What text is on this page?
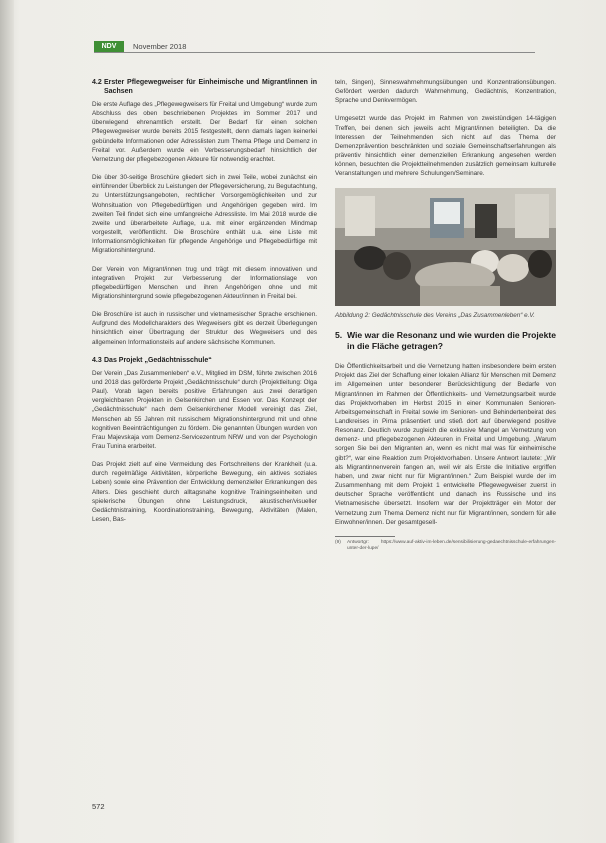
NDV	November 2018
4.2 Erster Pflegewegweiser für Einheimische und Migrant/innen in Sachsen

Die erste Auflage des „Pflegewegweisers für Freital und Umgebung“ wurde zum Abschluss des oben beschriebenen Projektes im Sommer 2017 und überwiegend ehrenamtlich erstellt. Der Bedarf für einen solchen Pflegewegweiser wurde bereits 2015 festgestellt, denn damals lagen keinerlei gebündelte Informationen oder Adresslisten zum Thema Pflege und Demenz in Freital vor. Außerdem wurde ein Verbesserungsbedarf hinsichtlich der Vernetzung der pflegebezogenen Akteure für notwendig erachtet.

Die über 30-seitige Broschüre gliedert sich in zwei Teile, wobei zunächst ein einführender Überblick zu Leistungen der Pflegeversicherung, zu Begutachtung, zu Unterstützungsangeboten, rechtlicher Vorsorgemöglichkeiten und zur Wohnsituation von Pflegebedürftigen und Angehörigen gegeben wird. Im zweiten Teil findet sich eine umfangreiche Adressliste. Im Mai 2018 wurde die zweite und überarbeitete Auflage, u.a. mit einer ergänzenden Mindmap vorgestellt, veröffentlicht. Die Broschüre enthält u.a. eine Liste mit Informationsmöglichkeiten für pflegende Angehörige und Pflegebedürftige mit Migrationshintergrund.

Der Verein von Migrant/innen trug und trägt mit diesem innovativen und integrativen Projekt zur Verbesserung der Informationslage von pflegebedürftigen Menschen und ihren Angehörigen ohne und mit Migrationshintergrund sowie pflegebezogenen Akteur/innen in Freital bei.

Die Broschüre ist auch in russischer und vietnamesischer Sprache erschienen. Aufgrund des Modellcharakters des Wegweisers gibt es derzeit Überlegungen hinsichtlich einer Übertragung der Struktur des Wegweisers und des allgemeinen Informationsteils auf andere sächsische Kommunen.

4.3 Das Projekt „Gedächtnisschule“

Der Verein „Das Zusammenleben“ e.V., Mitglied im DSM, führte zwischen 2016 und 2018 das geförderte Projekt „Gedächtnisschule“ durch (Projektleitung: Olga Paul). Vorab lagen bereits positive Erfahrungen aus zwei derartigen vergleichbaren Projekten in Gelsenkirchen und Essen vor. Das Konzept der „Gedächtnisschule“ nach dem Gelsenkirchener Modell vereinigt das Ziel, Menschen ab 55 Jahren mit russischem Migrationshintergrund mit und ohne kognitiven Beeinträchtigungen zu fördern. Die genannten Übungen wurden von Frau Majevskaja vom Demenz-Servicezentrum NRW und von der Psychologin Frau Tunina erarbeitet.

Das Projekt zielt auf eine Vermeidung des Fortschreitens der Krankheit (u.a. durch regelmäßige Aktivitäten, körperliche Bewegung, ein aktives soziales Leben) sowie eine Prävention der Entwicklung demenzieller Erkrankungen des Alters. Dies geschieht durch alltagsnahe kognitive Trainingseinheiten und spielerische Übungen ohne Leistungsdruck, akustischer/visueller Gedächtnistraining, Koordinationstraining, Bewegung, Aktivitäten (Malen, Lesen, Bas-

teln, Singen), Sinneswahrnehmungsübungen und Konzentrationsübungen. Gefördert werden dadurch Wahrnehmung, Gedächtnis, Konzentration, Sprache und Denkvermögen.

Umgesetzt wurde das Projekt im Rahmen von zweistündigen 14-tägigen Treffen, bei denen sich jeweils acht Migrant/innen beteiligten. Da die Interessen der Teilnehmenden sich nicht auf das Thema der Demenzprävention beschränkten und soziale Gemeinschaftserfahrungen als präventiv hinsichtlich einer demenziellen Erkrankung angesehen werden können, besuchten die Projektteilnehmenden zusätzlich gemeinsam kulturelle Veranstaltungen und mehrere Schulungen/Seminare.

Abbildung 2: Gedächtnisschule des Vereins „Das Zusammenleben“ e.V.
5. Wie war die Resonanz und wie wurden die Projekte in die Fläche getragen?

Die Öffentlichkeitsarbeit und die Vernetzung hatten insbesondere beim ersten Projekt das Ziel der Schaffung einer lokalen Allianz für Menschen mit Demenz im Allgemeinen unter besonderer Berücksichtigung der Bedarfe von Migrant/innen im Rahmen der Öffentlichkeits- und Vernetzungsarbeit wurde das Projektvorhaben im Herbst 2015 in einer Kommunalen Senioren-Arbeitsgemeinschaft in Freital sowie im Senioren- und Behindertenbeirat des Landkreises in Pirna präsentiert und stieß dort auf überwiegend positive Resonanz. Deutlich wurde zugleich die exklusive Mangel an Vernetzung von demenz- und pflegebezogenen Akteuren in Freital und Umgebung. „Warum sorgen Sie bei den Migranten an, wenn es nicht mal was für einheimische gibt?“, war eine Reaktion zum Projektvorhaben. Unsere Antwort lautete: „Wir als Migrantinnenverein fangen an, weil wir als Erste die Initiative ergriffen haben, und zwar nicht nur für Migrant/innen.“ Zum Beispiel wurde der im Zusammenhang mit dem Projekt 1 entwickelte Pflegewegweiser zuerst in deutscher Sprache veröffentlicht und danach ins Russische und ins Vietnamesische übersetzt. Insofern war der Projektträger ein Motor der Vernetzung zum Thema Demenz nicht nur für Migrant/innen, sondern für alle Einwohner/innen. Der gesamtgesell-

(9)	Antwortgr: https://www.auf-aktiv-im-leben.de/sensibilisierung-gedaechtnisschule-erfahrungen-unter-der-lupe/
572
